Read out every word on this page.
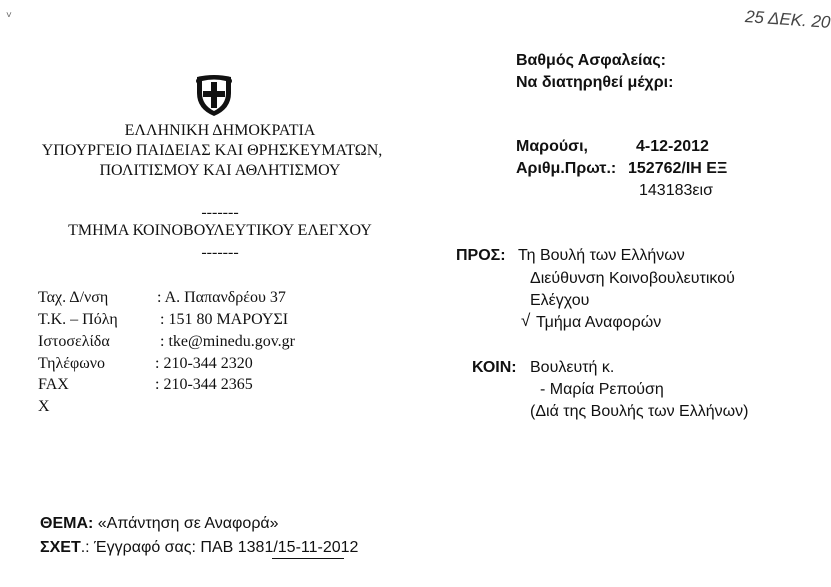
˅	25 ΔΕΚ. 20
ΕΛΛΗΝΙΚΗ ΔΗΜΟΚΡΑΤΙΑ
ΥΠΟΥΡΓΕΙΟ ΠΑΙΔΕΙΑΣ ΚΑΙ ΘΡΗΣΚΕΥΜΑΤΩΝ,
ΠΟΛΙΤΙΣΜΟΥ ΚΑΙ ΑΘΛΗΤΙΣΜΟΥ
-------
ΤΜΗΜΑ ΚΟΙΝΟΒΟΥΛΕΥΤΙΚΟΥ ΕΛΕΓΧΟΥ
-------
Ταχ. Δ/νση	: Α. Παπανδρέου 37
Τ.Κ. – Πόλη	: 151 80 ΜΑΡΟΥΣΙ
Ιστοσελίδα	: tke@minedu.gov.gr
Τηλέφωνο	: 210-344 2320
FAX	: 210-344 2365
X
Βαθμός Ασφαλείας:
Να διατηρηθεί μέχρι:
Μαρούσι,	4-12-2012
Αριθμ.Πρωτ.: 152762/ΙΗ ΕΞ
143183εισ
ΠΡΟΣ: Τη Βουλή των Ελλήνων
Διεύθυνση Κοινοβουλευτικού
Ελέγχου
√ Τμήμα Αναφορών
ΚΟΙΝ: Βουλευτή κ.
- Μαρία Ρεπούση
(Διά της Βουλής των Ελλήνων)
ΘΕΜΑ: «Απάντηση σε Αναφορά»
ΣΧΕΤ.: Έγγραφό σας: ΠΑΒ 1381/15-11-2012
